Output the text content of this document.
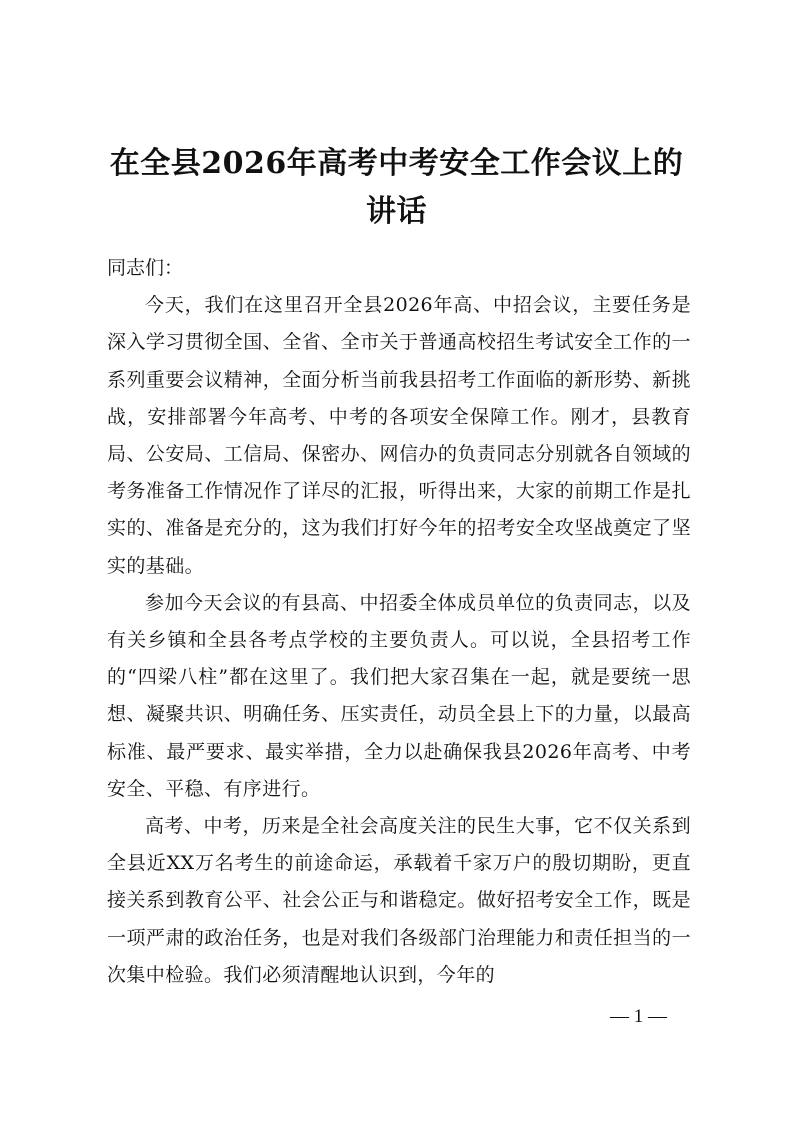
在全县2026年高考中考安全工作会议上的讲话

同志们：

今天，我们在这里召开全县2026年高、中招会议，主要任务是深入学习贯彻全国、全省、全市关于普通高校招生考试安全工作的一系列重要会议精神，全面分析当前我县招考工作面临的新形势、新挑战，安排部署今年高考、中考的各项安全保障工作。刚才，县教育局、公安局、工信局、保密办、网信办的负责同志分别就各自领域的考务准备工作情况作了详尽的汇报，听得出来，大家的前期工作是扎实的、准备是充分的，这为我们打好今年的招考安全攻坚战奠定了坚实的基础。

参加今天会议的有县高、中招委全体成员单位的负责同志，以及有关乡镇和全县各考点学校的主要负责人。可以说，全县招考工作的“四梁八柱”都在这里了。我们把大家召集在一起，就是要统一思想、凝聚共识、明确任务、压实责任，动员全县上下的力量，以最高标准、最严要求、最实举措，全力以赴确保我县2026年高考、中考安全、平稳、有序进行。

高考、中考，历来是全社会高度关注的民生大事，它不仅关系到全县近XX万名考生的前途命运，承载着千家万户的殷切期盼，更直接关系到教育公平、社会公正与和谐稳定。做好招考安全工作，既是一项严肃的政治任务，也是对我们各级部门治理能力和责任担当的一次集中检验。我们必须清醒地认识到，今年的

— 1 —
